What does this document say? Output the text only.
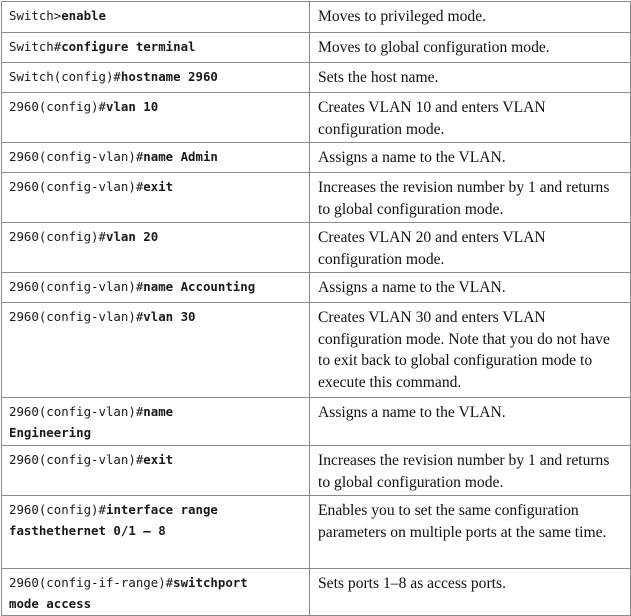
Switch>enable	Moves to privileged mode.
Switch#configure terminal	Moves to global configuration mode.
Switch(config)#hostname 2960	Sets the host name.
2960(config)#vlan 10	Creates VLAN 10 and enters VLAN configuration mode.
2960(config-vlan)#name Admin	Assigns a name to the VLAN.
2960(config-vlan)#exit	Increases the revision number by 1 and returns to global configuration mode.
2960(config)#vlan 20	Creates VLAN 20 and enters VLAN configuration mode.
2960(config-vlan)#name Accounting	Assigns a name to the VLAN.
2960(config-vlan)#vlan 30	Creates VLAN 30 and enters VLAN configuration mode. Note that you do not have to exit back to global configuration mode to execute this command.
2960(config-vlan)#name
Engineering	Assigns a name to the VLAN.
2960(config-vlan)#exit	Increases the revision number by 1 and returns to global configuration mode.
2960(config)#interface range
fasthethernet 0/1 – 8	Enables you to set the same configuration parameters on multiple ports at the same time.
2960(config-if-range)#switchport
mode access	Sets ports 1–8 as access ports.
